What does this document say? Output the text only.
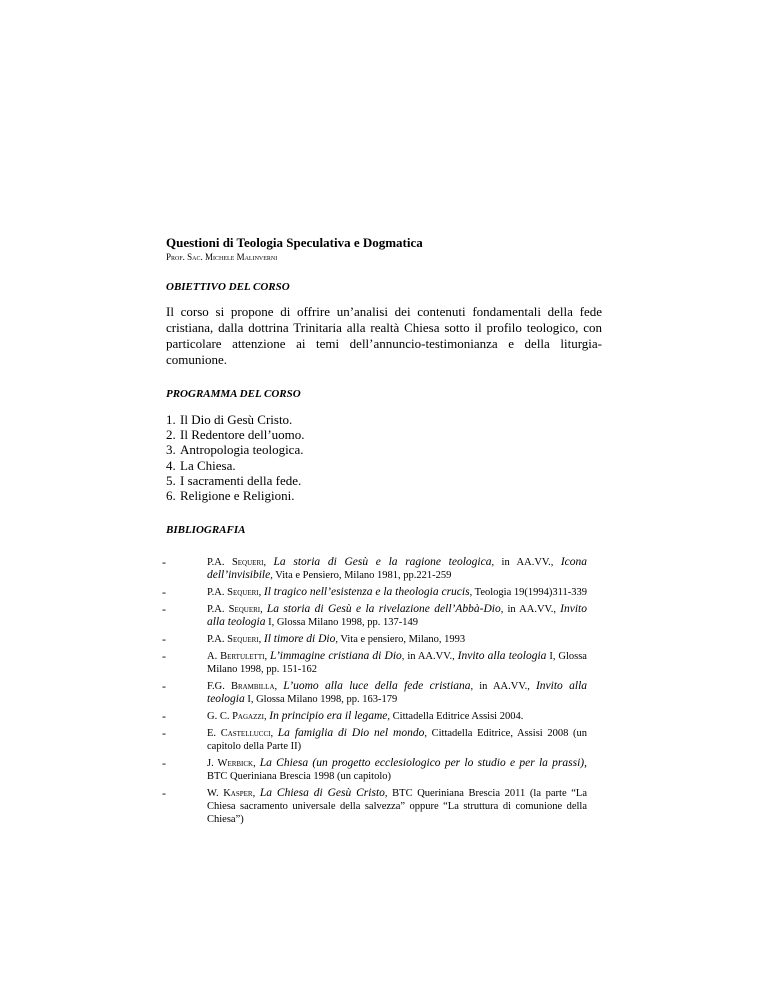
Questioni di Teologia Speculativa e Dogmatica

Prof. Sac. Michele Malinverni

OBIETTIVO DEL CORSO

Il corso si propone di offrire un’analisi dei contenuti fondamentali della fede cristiana, dalla dottrina Trinitaria alla realtà Chiesa sotto il profilo teologico, con particolare attenzione ai temi dell’annuncio-testimonianza e della liturgia-comunione.

PROGRAMMA DEL CORSO

1. Il Dio di Gesù Cristo.
2. Il Redentore dell’uomo.
3. Antropologia teologica.
4. La Chiesa.
5. I sacramenti della fede.
6. Religione e Religioni.

BIBLIOGRAFIA

-	P.A. Sequeri, La storia di Gesù e la ragione teologica, in AA.VV., Icona dell’invisibile, Vita e Pensiero, Milano 1981, pp.221-259
-	P.A. Sequeri, Il tragico nell’esistenza e la theologia crucis, Teologia 19(1994)311-339
-	P.A. Sequeri, La storia di Gesù e la rivelazione dell’Abbà-Dio, in AA.VV., Invito alla teologia I, Glossa Milano 1998, pp. 137-149
-	P.A. Sequeri, Il timore di Dio, Vita e pensiero, Milano, 1993
-	A. Bertuletti, L’immagine cristiana di Dio, in AA.VV., Invito alla teologia I, Glossa Milano 1998, pp. 151-162
-	F.G. Brambilla, L’uomo alla luce della fede cristiana, in AA.VV., Invito alla teologia I, Glossa Milano 1998, pp. 163-179
-	G. C. Pagazzi, In principio era il legame, Cittadella Editrice Assisi 2004.
-	E. Castellucci, La famiglia di Dio nel mondo, Cittadella Editrice, Assisi 2008 (un capitolo della Parte II)
-	J. Werbick, La Chiesa (un progetto ecclesiologico per lo studio e per la prassi), BTC Queriniana Brescia 1998 (un capitolo)
-	W. Kasper, La Chiesa di Gesù Cristo, BTC Queriniana Brescia 2011 (la parte “La Chiesa sacramento universale della salvezza” oppure “La struttura di comunione della Chiesa”)
